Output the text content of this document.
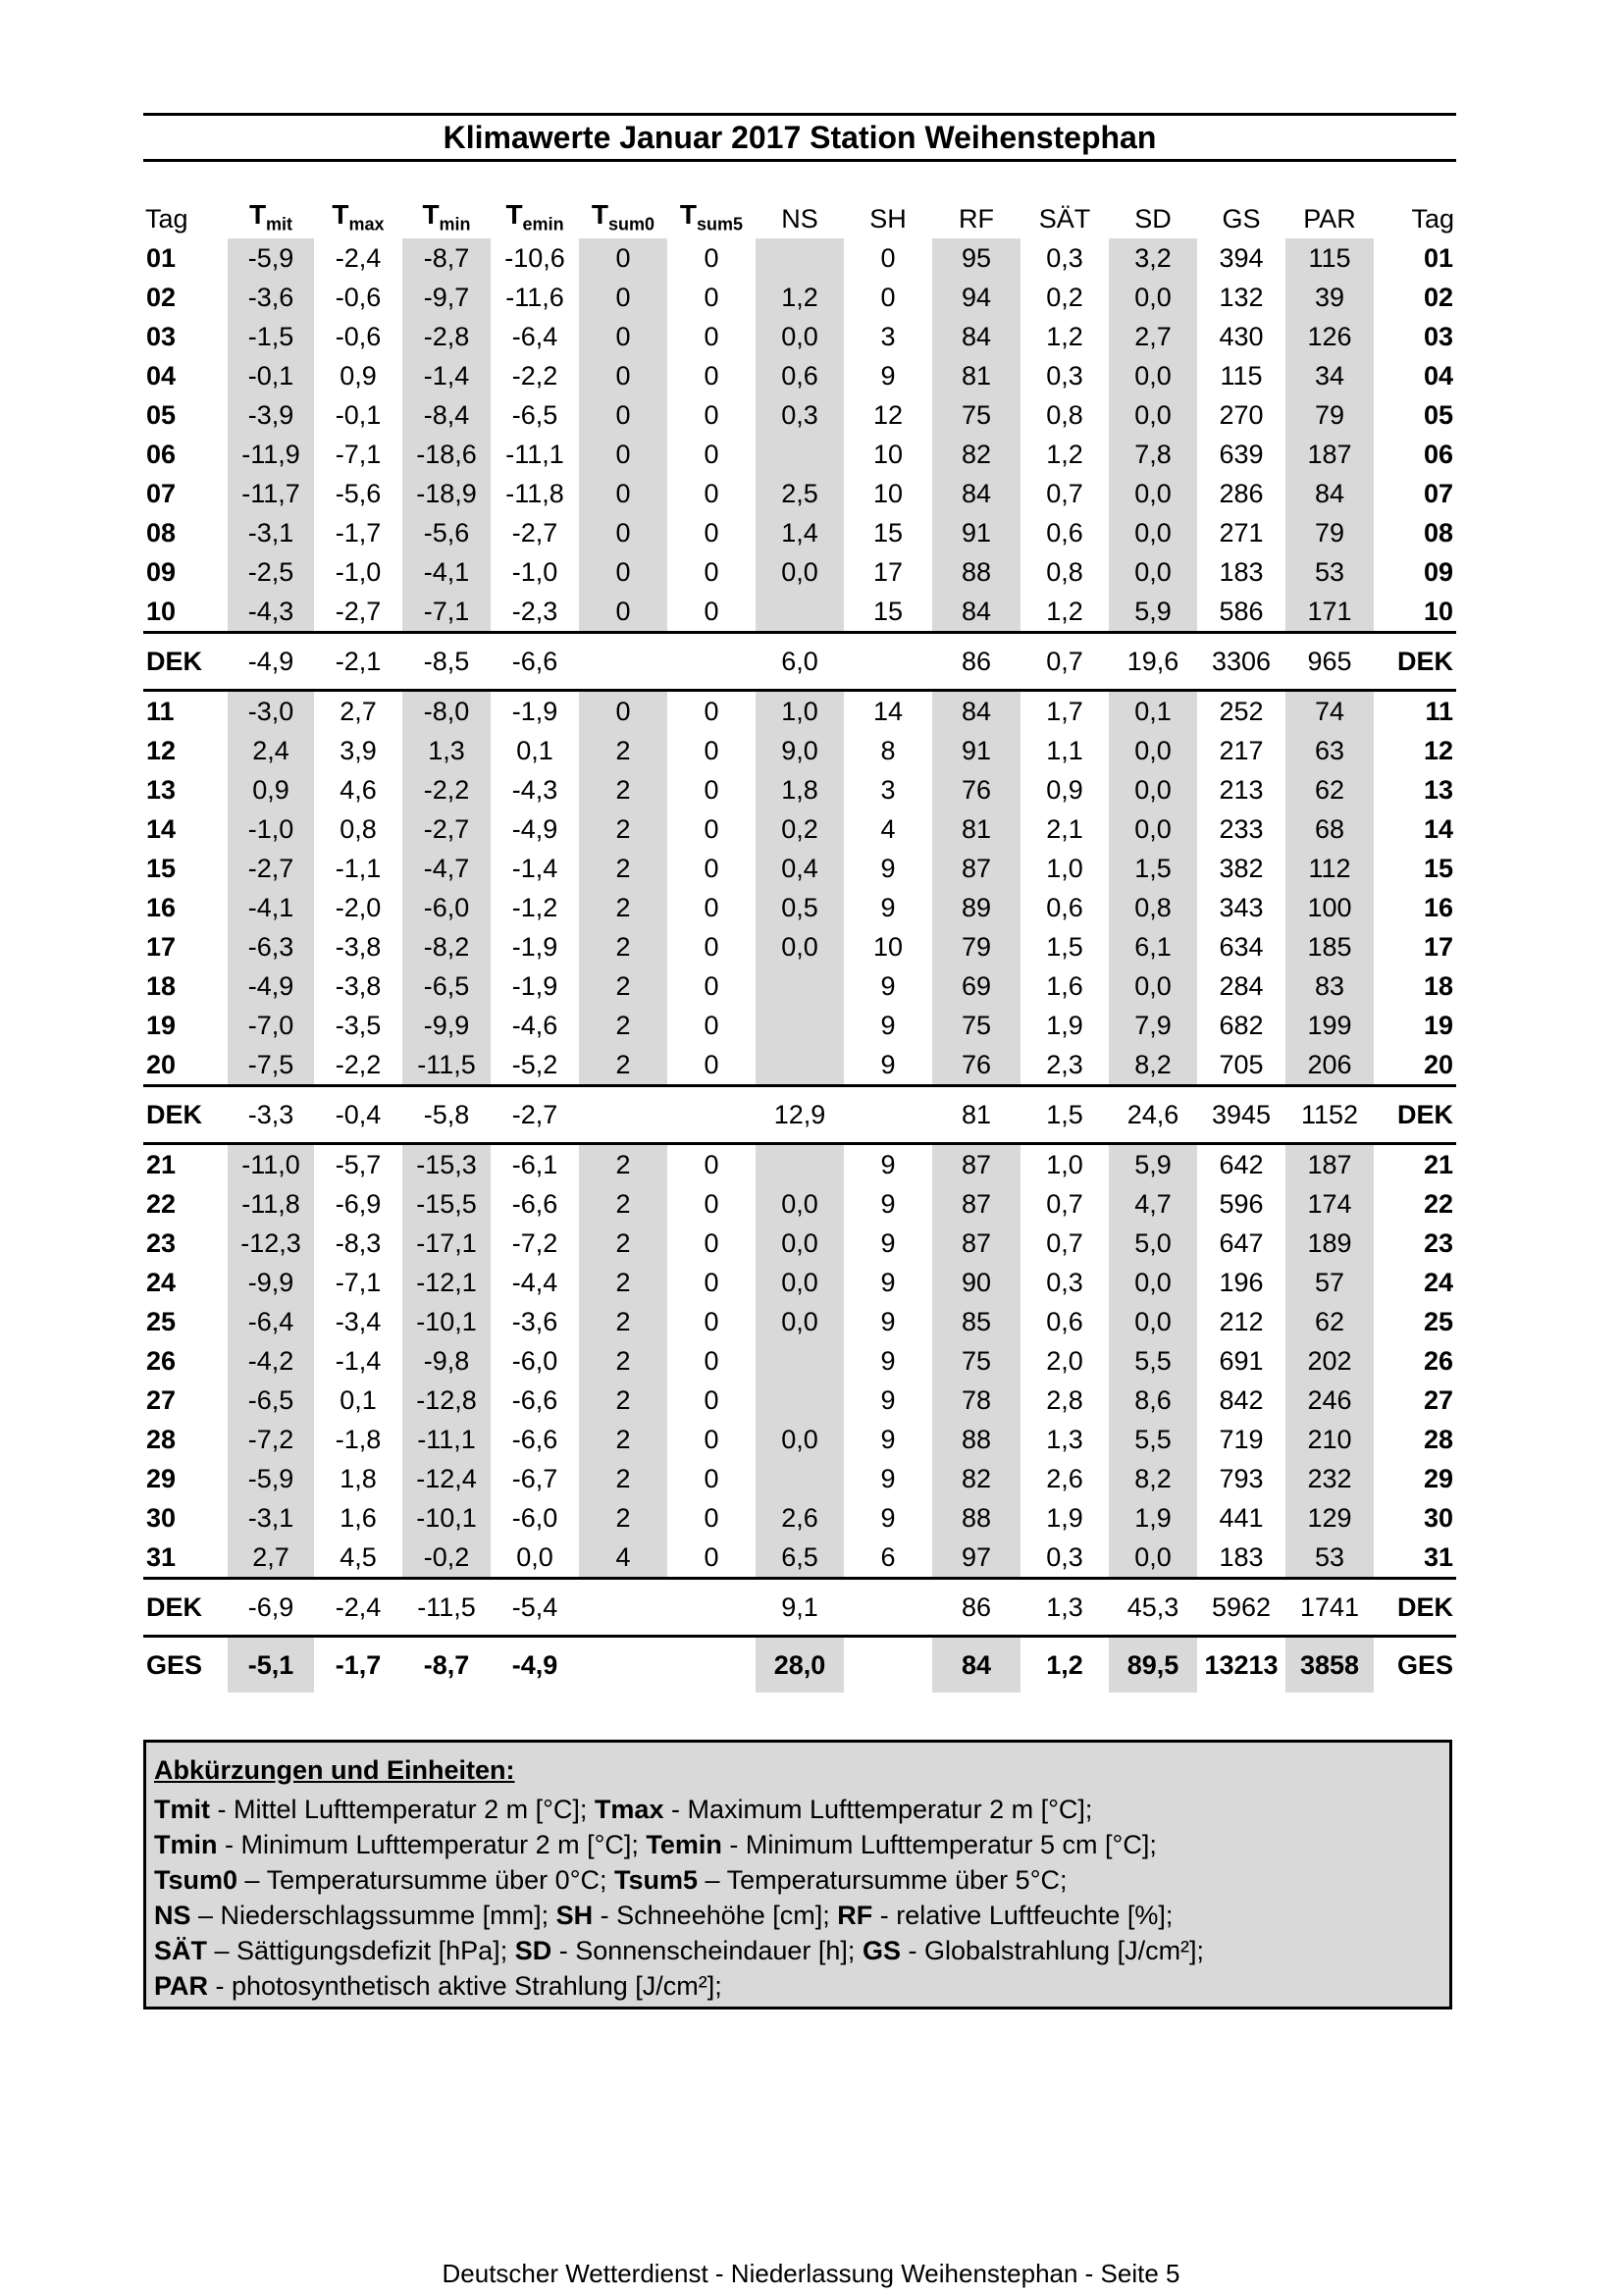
Klimawerte Januar 2017 Station Weihenstephan
Tag	$T_{mit}$	$T_{max}$	$T_{min}$	$T_{emin}$	$T_{sum0}$	$T_{sum5}$	NS	SH	RF	SÄT	SD	GS	PAR	Tag
01	-5,9	-2,4	-8,7	-10,6	0	0		0	95	0,3	3,2	394	115	01
02	-3,6	-0,6	-9,7	-11,6	0	0	1,2	0	94	0,2	0,0	132	39	02
03	-1,5	-0,6	-2,8	-6,4	0	0	0,0	3	84	1,2	2,7	430	126	03
04	-0,1	0,9	-1,4	-2,2	0	0	0,6	9	81	0,3	0,0	115	34	04
05	-3,9	-0,1	-8,4	-6,5	0	0	0,3	12	75	0,8	0,0	270	79	05
06	-11,9	-7,1	-18,6	-11,1	0	0		10	82	1,2	7,8	639	187	06
07	-11,7	-5,6	-18,9	-11,8	0	0	2,5	10	84	0,7	0,0	286	84	07
08	-3,1	-1,7	-5,6	-2,7	0	0	1,4	15	91	0,6	0,0	271	79	08
09	-2,5	-1,0	-4,1	-1,0	0	0	0,0	17	88	0,8	0,0	183	53	09
10	-4,3	-2,7	-7,1	-2,3	0	0		15	84	1,2	5,9	586	171	10
DEK	-4,9	-2,1	-8,5	-6,6			6,0		86	0,7	19,6	3306	965	DEK
11	-3,0	2,7	-8,0	-1,9	0	0	1,0	14	84	1,7	0,1	252	74	11
12	2,4	3,9	1,3	0,1	2	0	9,0	8	91	1,1	0,0	217	63	12
13	0,9	4,6	-2,2	-4,3	2	0	1,8	3	76	0,9	0,0	213	62	13
14	-1,0	0,8	-2,7	-4,9	2	0	0,2	4	81	2,1	0,0	233	68	14
15	-2,7	-1,1	-4,7	-1,4	2	0	0,4	9	87	1,0	1,5	382	112	15
16	-4,1	-2,0	-6,0	-1,2	2	0	0,5	9	89	0,6	0,8	343	100	16
17	-6,3	-3,8	-8,2	-1,9	2	0	0,0	10	79	1,5	6,1	634	185	17
18	-4,9	-3,8	-6,5	-1,9	2	0		9	69	1,6	0,0	284	83	18
19	-7,0	-3,5	-9,9	-4,6	2	0		9	75	1,9	7,9	682	199	19
20	-7,5	-2,2	-11,5	-5,2	2	0		9	76	2,3	8,2	705	206	20
DEK	-3,3	-0,4	-5,8	-2,7			12,9		81	1,5	24,6	3945	1152	DEK
21	-11,0	-5,7	-15,3	-6,1	2	0		9	87	1,0	5,9	642	187	21
22	-11,8	-6,9	-15,5	-6,6	2	0	0,0	9	87	0,7	4,7	596	174	22
23	-12,3	-8,3	-17,1	-7,2	2	0	0,0	9	87	0,7	5,0	647	189	23
24	-9,9	-7,1	-12,1	-4,4	2	0	0,0	9	90	0,3	0,0	196	57	24
25	-6,4	-3,4	-10,1	-3,6	2	0	0,0	9	85	0,6	0,0	212	62	25
26	-4,2	-1,4	-9,8	-6,0	2	0		9	75	2,0	5,5	691	202	26
27	-6,5	0,1	-12,8	-6,6	2	0		9	78	2,8	8,6	842	246	27
28	-7,2	-1,8	-11,1	-6,6	2	0	0,0	9	88	1,3	5,5	719	210	28
29	-5,9	1,8	-12,4	-6,7	2	0		9	82	2,6	8,2	793	232	29
30	-3,1	1,6	-10,1	-6,0	2	0	2,6	9	88	1,9	1,9	441	129	30
31	2,7	4,5	-0,2	0,0	4	0	6,5	6	97	0,3	0,0	183	53	31
DEK	-6,9	-2,4	-11,5	-5,4			9,1		86	1,3	45,3	5962	1741	DEK
GES	-5,1	-1,7	-8,7	-4,9			28,0		84	1,2	89,5	13213	3858	GES
Abkürzungen und Einheiten:
Tmit - Mittel Lufttemperatur 2 m [°C]; Tmax - Maximum Lufttemperatur 2 m [°C];
Tmin - Minimum Lufttemperatur 2 m [°C]; Temin - Minimum Lufttemperatur 5 cm [°C];
Tsum0 – Temperatursumme über 0°C; Tsum5 – Temperatursumme über 5°C;
NS – Niederschlagssumme [mm]; SH - Schneehöhe [cm]; RF - relative Luftfeuchte [%];
SÄT – Sättigungsdefizit [hPa]; SD - Sonnenscheindauer [h]; GS - Globalstrahlung [J/cm²];
PAR - photosynthetisch aktive Strahlung [J/cm²];
Deutscher Wetterdienst - Niederlassung Weihenstephan - Seite 5
